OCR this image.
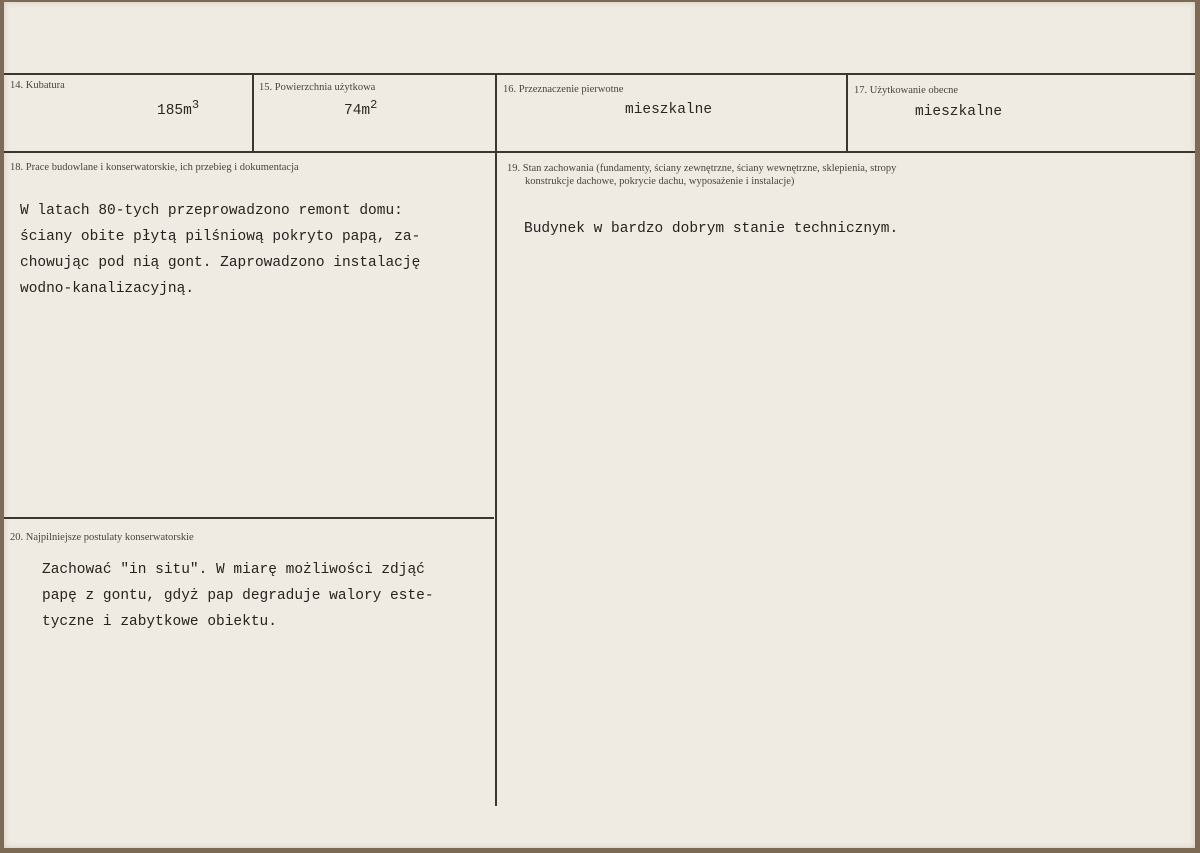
14. Kubatura
$185m^3$
15. Powierzchnia użytkowa
$74m^2$
16. Przeznaczenie pierwotne
mieszkalne
17. Użytkowanie obecne
mieszkalne
18. Prace budowlane i konserwatorskie, ich przebieg i dokumentacja
W latach 80-tych przeprowadzono remont domu:
ściany obite płytą pilśniową pokryto papą, za-
chowując pod nią gont. Zaprowadzono instalację
wodno-kanalizacyjną.
19. Stan zachowania (fundamenty, ściany zewnętrzne, ściany wewnętrzne, sklepienia, stropy
konstrukcje dachowe, pokrycie dachu, wyposażenie i instalacje)
Budynek w bardzo dobrym stanie technicznym.
20. Najpilniejsze postulaty konserwatorskie
Zachować "in situ". W miarę możliwości zdjąć
papę z gontu, gdyż pap degraduje walory este-
tyczne i zabytkowe obiektu.
